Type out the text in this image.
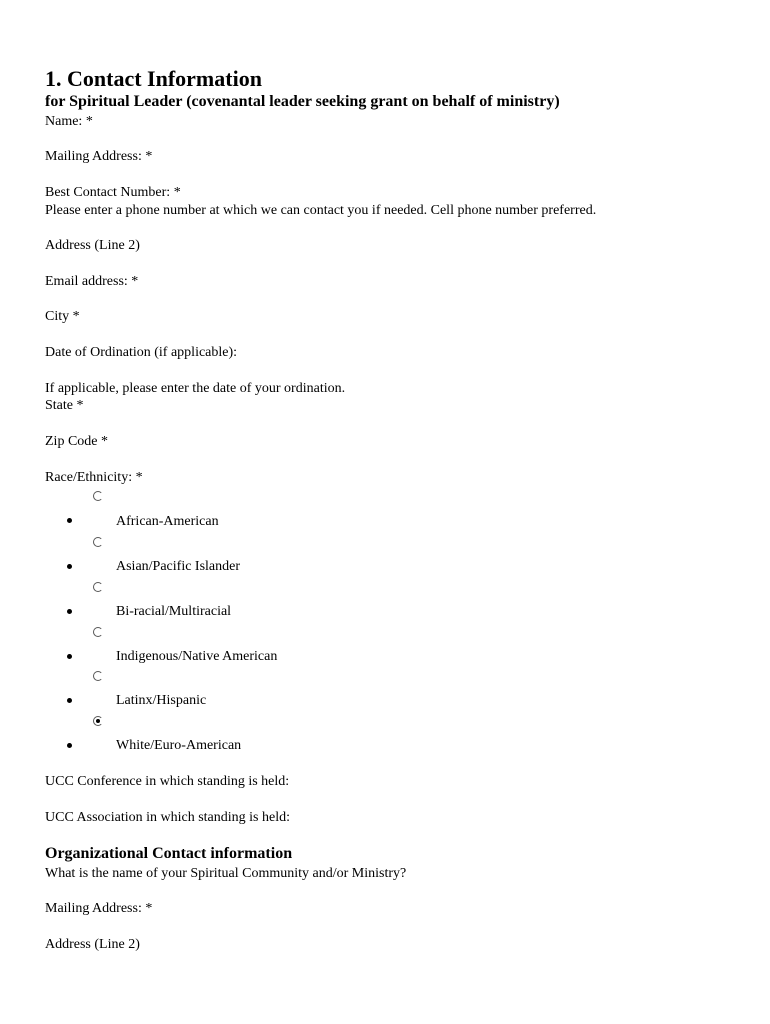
1. Contact Information
for Spiritual Leader (covenantal leader seeking grant on behalf of ministry)
Name: *
Mailing Address: *
Best Contact Number: *
Please enter a phone number at which we can contact you if needed. Cell phone number preferred.
Address (Line 2)
Email address: *
City *
Date of Ordination (if applicable):
If applicable, please enter the date of your ordination.
State *
Zip Code *
Race/Ethnicity: *
African-American
Asian/Pacific Islander
Bi-racial/Multiracial
Indigenous/Native American
Latinx/Hispanic
White/Euro-American
UCC Conference in which standing is held:
UCC Association in which standing is held:
Organizational Contact information
What is the name of your Spiritual Community and/or Ministry?
Mailing Address: *
Address (Line 2)
